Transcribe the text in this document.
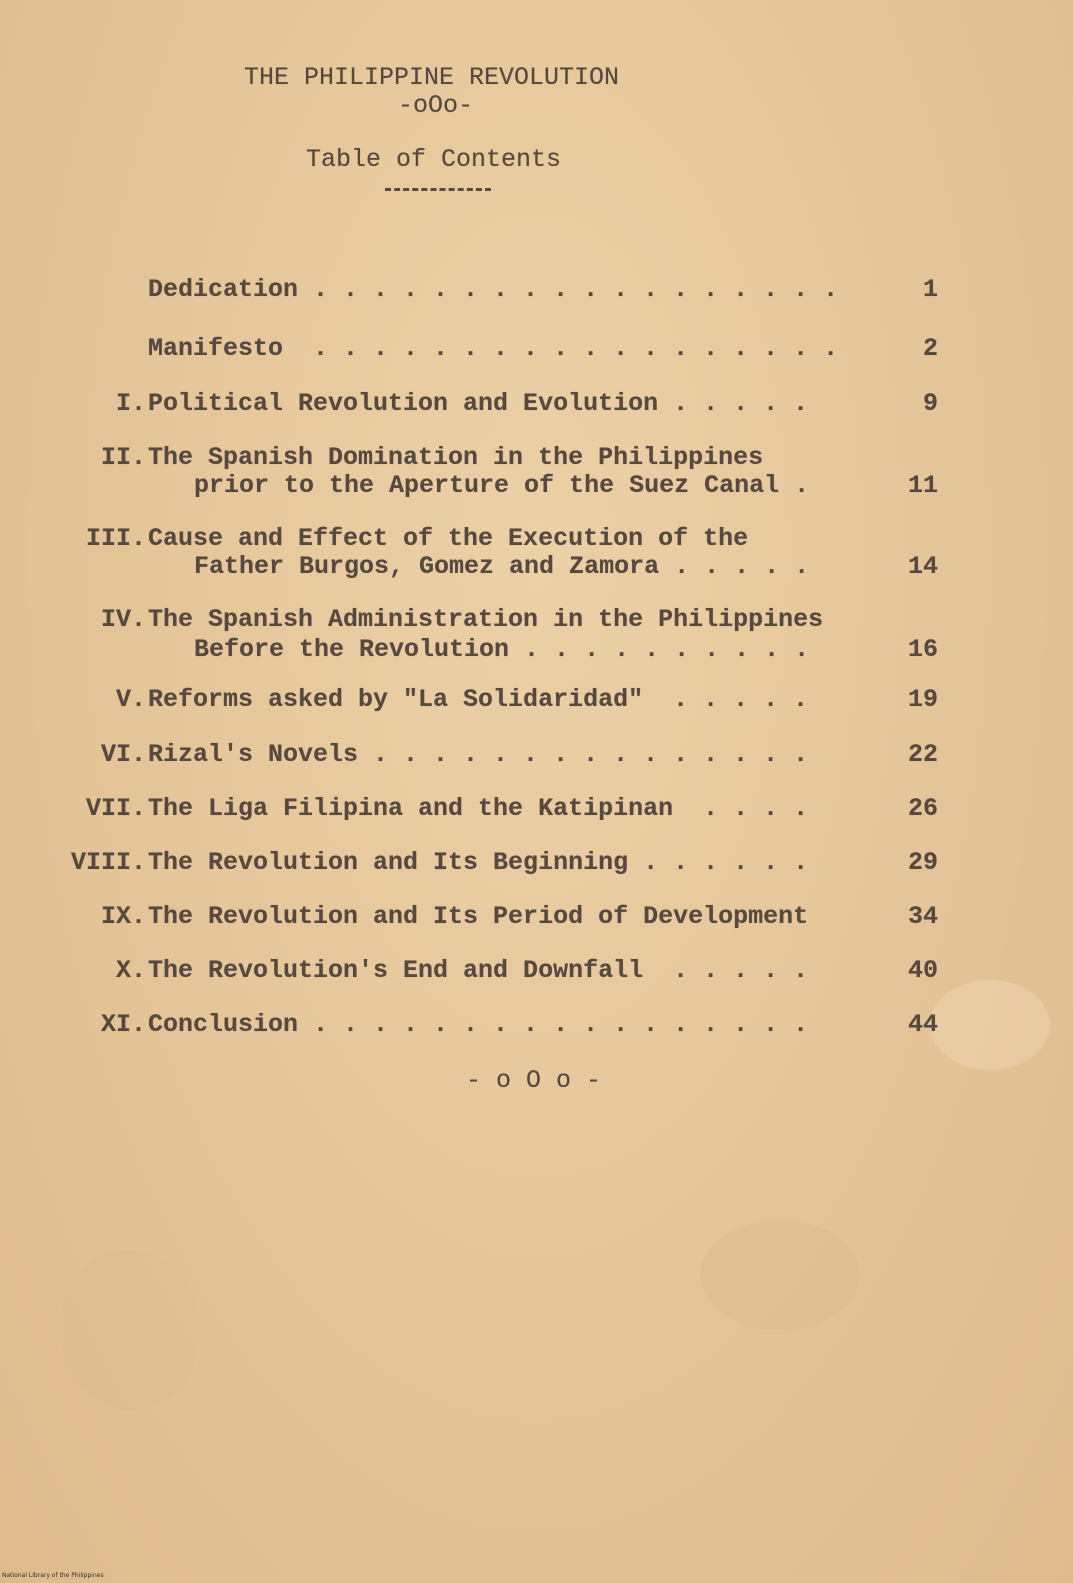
THE PHILIPPINE REVOLUTION
-oOo-
Table of Contents
Dedication . . . . . . . . . . . . . . . . . .	1
Manifesto  . . . . . . . . . . . . . . . . . .	2
I. Political Revolution and Evolution . . . . .	9
II. The Spanish Domination in the Philippines
prior to the Aperture of the Suez Canal .	11
III. Cause and Effect of the Execution of the
Father Burgos, Gomez and Zamora . . . . .	14
IV. The Spanish Administration in the Philippines
Before the Revolution . . . . . . . . . .	16
V. Reforms asked by "La Solidaridad"  . . . . .	19
VI. Rizal's Novels . . . . . . . . . . . . . . .	22
VII. The Liga Filipina and the Katipinan  . . . .	26
VIII. The Revolution and Its Beginning . . . . . .	29
IX. The Revolution and Its Period of Development	34
X. The Revolution's End and Downfall  . . . . .	40
XI. Conclusion . . . . . . . . . . . . . . . . .	44
- o O o -
National Library of the Philippines
